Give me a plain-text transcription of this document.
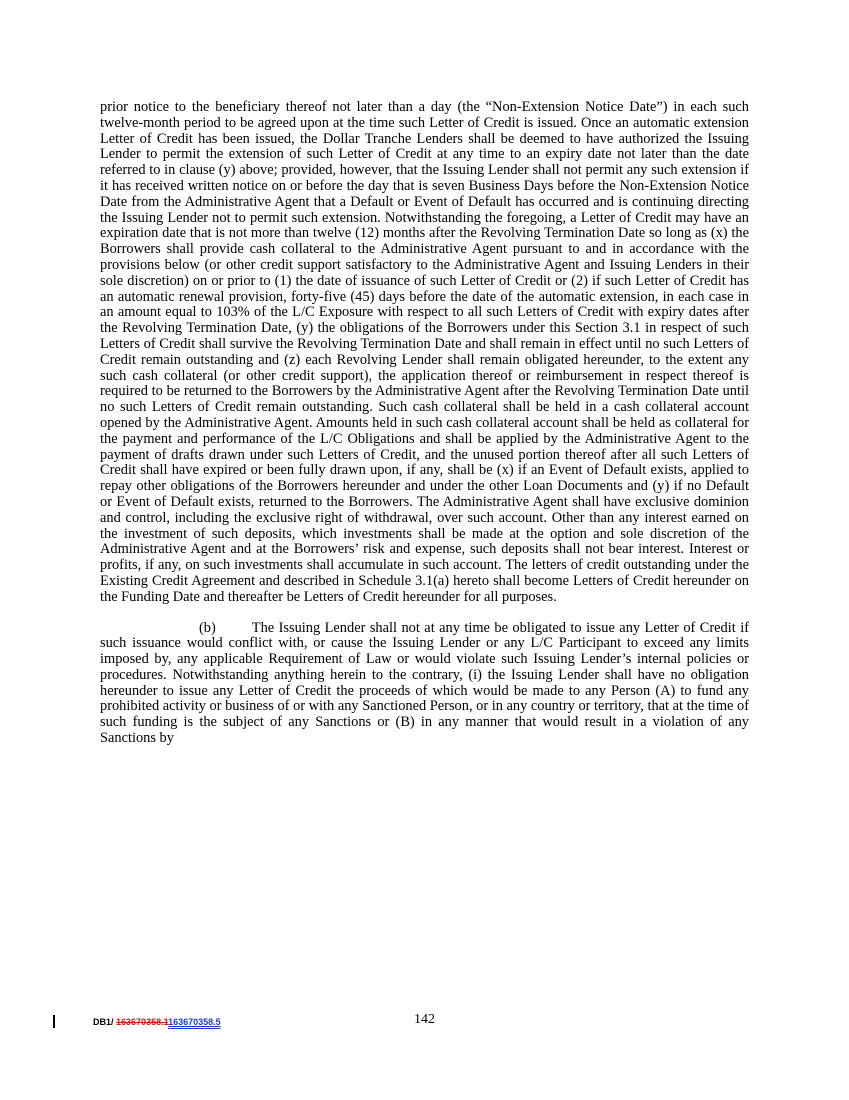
prior notice to the beneficiary thereof not later than a day (the “Non-Extension Notice Date”) in each such twelve-month period to be agreed upon at the time such Letter of Credit is issued. Once an automatic extension Letter of Credit has been issued, the Dollar Tranche Lenders shall be deemed to have authorized the Issuing Lender to permit the extension of such Letter of Credit at any time to an expiry date not later than the date referred to in clause (y) above; provided, however, that the Issuing Lender shall not permit any such extension if it has received written notice on or before the day that is seven Business Days before the Non-Extension Notice Date from the Administrative Agent that a Default or Event of Default has occurred and is continuing directing the Issuing Lender not to permit such extension. Notwithstanding the foregoing, a Letter of Credit may have an expiration date that is not more than twelve (12) months after the Revolving Termination Date so long as (x) the Borrowers shall provide cash collateral to the Administrative Agent pursuant to and in accordance with the provisions below (or other credit support satisfactory to the Administrative Agent and Issuing Lenders in their sole discretion) on or prior to (1) the date of issuance of such Letter of Credit or (2) if such Letter of Credit has an automatic renewal provision, forty-five (45) days before the date of the automatic extension, in each case in an amount equal to 103% of the L/C Exposure with respect to all such Letters of Credit with expiry dates after the Revolving Termination Date, (y) the obligations of the Borrowers under this Section 3.1 in respect of such Letters of Credit shall survive the Revolving Termination Date and shall remain in effect until no such Letters of Credit remain outstanding and (z) each Revolving Lender shall remain obligated hereunder, to the extent any such cash collateral (or other credit support), the application thereof or reimbursement in respect thereof is required to be returned to the Borrowers by the Administrative Agent after the Revolving Termination Date until no such Letters of Credit remain outstanding. Such cash collateral shall be held in a cash collateral account opened by the Administrative Agent. Amounts held in such cash collateral account shall be held as collateral for the payment and performance of the L/C Obligations and shall be applied by the Administrative Agent to the payment of drafts drawn under such Letters of Credit, and the unused portion thereof after all such Letters of Credit shall have expired or been fully drawn upon, if any, shall be (x) if an Event of Default exists, applied to repay other obligations of the Borrowers hereunder and under the other Loan Documents and (y) if no Default or Event of Default exists, returned to the Borrowers. The Administrative Agent shall have exclusive dominion and control, including the exclusive right of withdrawal, over such account. Other than any interest earned on the investment of such deposits, which investments shall be made at the option and sole discretion of the Administrative Agent and at the Borrowers’ risk and expense, such deposits shall not bear interest. Interest or profits, if any, on such investments shall accumulate in such account. The letters of credit outstanding under the Existing Credit Agreement and described in Schedule 3.1(a) hereto shall become Letters of Credit hereunder on the Funding Date and thereafter be Letters of Credit hereunder for all purposes.

(b)	The Issuing Lender shall not at any time be obligated to issue any Letter of Credit if such issuance would conflict with, or cause the Issuing Lender or any L/C Participant to exceed any limits imposed by, any applicable Requirement of Law or would violate such Issuing Lender’s internal policies or procedures. Notwithstanding anything herein to the contrary, (i) the Issuing Lender shall have no obligation hereunder to issue any Letter of Credit the proceeds of which would be made to any Person (A) to fund any prohibited activity or business of or with any Sanctioned Person, or in any country or territory, that at the time of such funding is the subject of any Sanctions or (B) in any manner that would result in a violation of any Sanctions by

DB1/ 163670358.1163670358.5	142
